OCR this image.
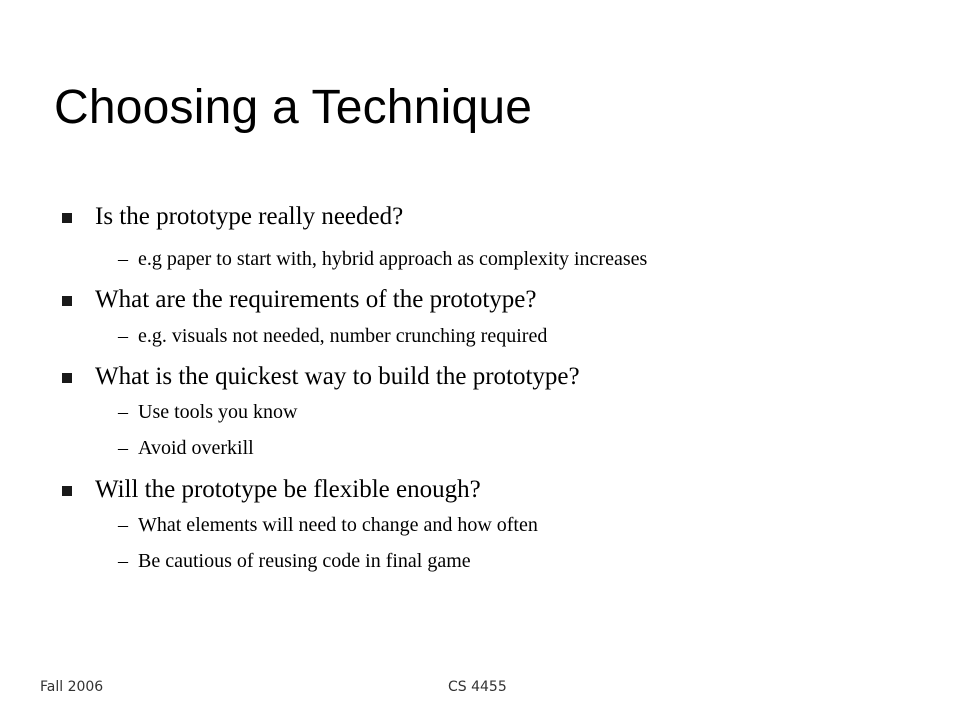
Choosing a Technique
Is the prototype really needed?
– e.g paper to start with, hybrid approach as complexity increases
What are the requirements of the prototype?
– e.g. visuals not needed, number crunching required
What is the quickest way to build the prototype?
– Use tools you know
– Avoid overkill
Will the prototype be flexible enough?
– What elements will need to change and how often
– Be cautious of reusing code in final game
Fall 2006	CS 4455
